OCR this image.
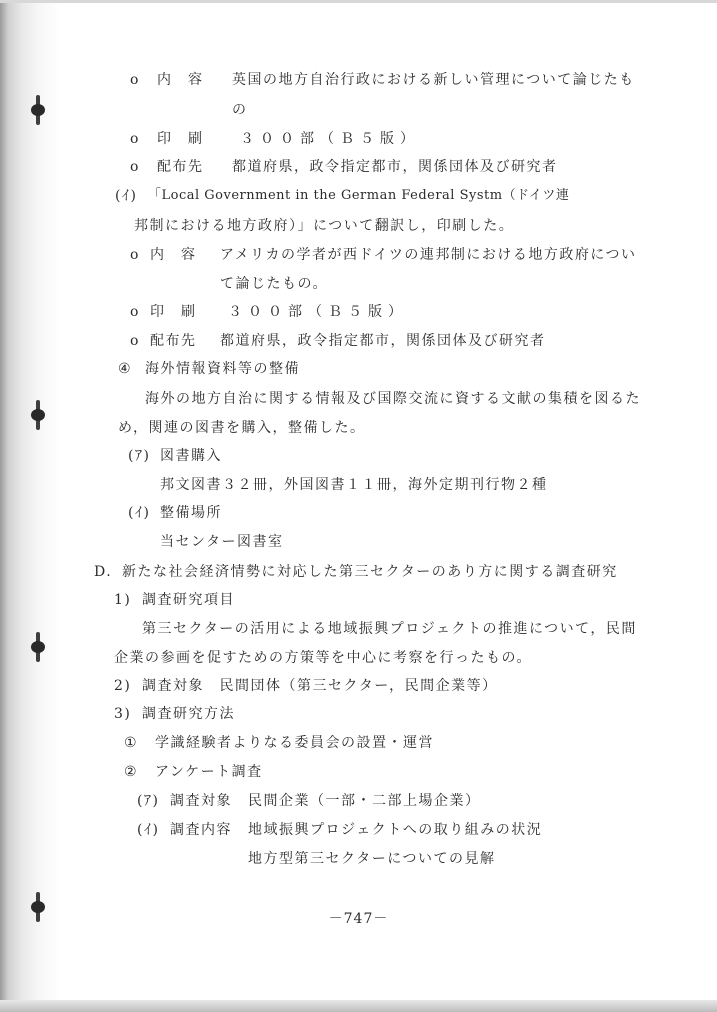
o 内　容 英国の地方自治行政における新しい管理について論じたも
の
o 印　刷	３００部（Ｂ５版）
o 配布先 都道府県，政令指定都市，関係団体及び研究者
(ｲ) 「Local Government in the German Federal Systm（ドイツ連
邦制における地方政府）」について翻訳し，印刷した。
o 内　容 アメリカの学者が西ドイツの連邦制における地方政府につい
て論じたもの。
o 印　刷 ３００部（Ｂ５版）
o 配布先 都道府県，政令指定都市，関係団体及び研究者
④ 海外情報資料等の整備
海外の地方自治に関する情報及び国際交流に資する文献の集積を図るた
め，関連の図書を購入，整備した。
(ｱ) 図書購入
邦文図書３２冊，外国図書１１冊，海外定期刊行物２種
(ｲ) 整備場所
当センター図書室
D. 新たな社会経済情勢に対応した第三セクターのあり方に関する調査研究
1) 調査研究項目
第三セクターの活用による地域振興プロジェクトの推進について，民間
企業の参画を促すための方策等を中心に考察を行ったもの。
2) 調査対象　民間団体（第三セクター，民間企業等）
3) 調査研究方法
① 学識経験者よりなる委員会の設置・運営
② アンケート調査
(ｱ) 調査対象 民間企業（一部・二部上場企業）
(ｲ) 調査内容 地域振興プロジェクトへの取り組みの状況
地方型第三セクターについての見解
－747－
